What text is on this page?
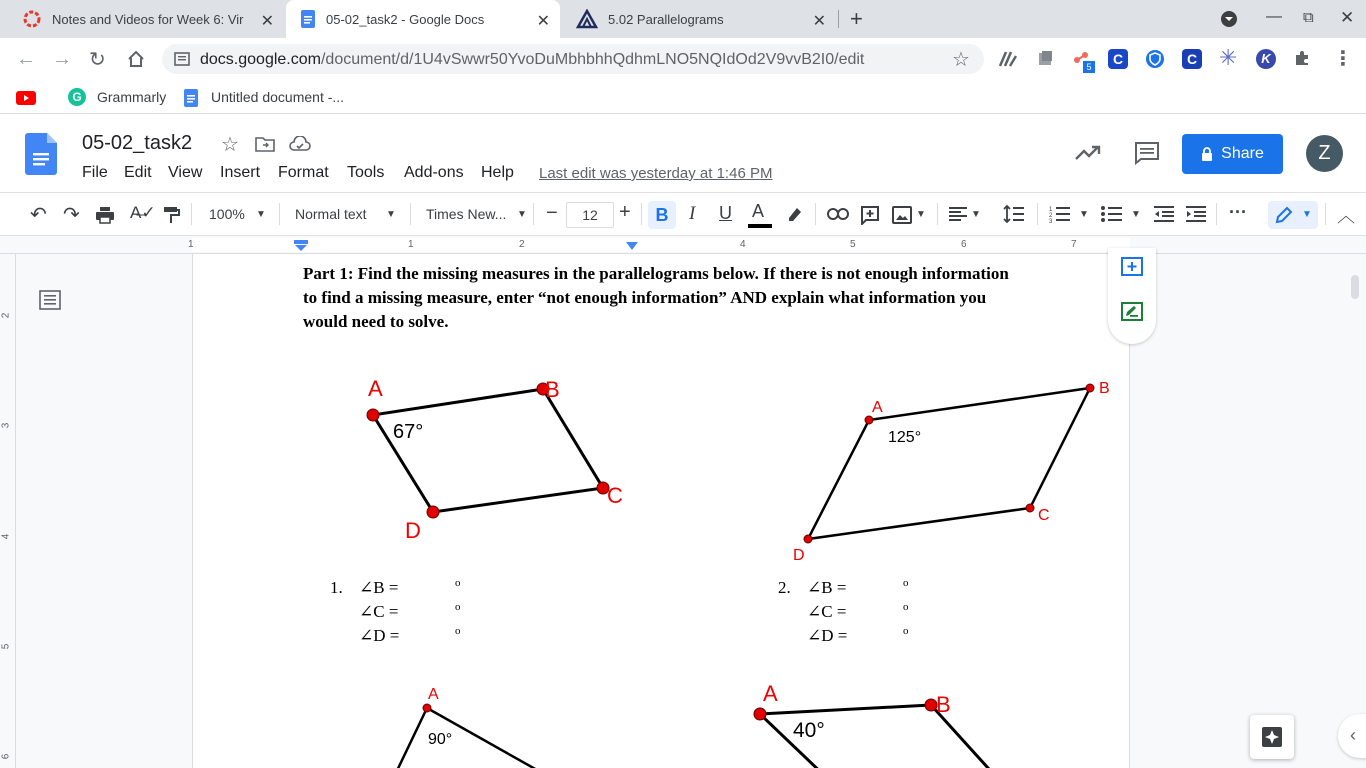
Notes and Videos for Week 6: Vir	✕	05-02_task2 - Google Docs	✕	5.02 Parallelograms	✕ +	— ⧉ ✕
← → ↻	docs.google.com/document/d/1U4vSwwr50YvoDuMbhbhhQdhmLNO5NQIdOd2V9vvB2I0/edit	☆	5	C	C ✳	K	⋮
G	Grammarly	Untitled document -...
05-02_task2 ☆
File Edit View Insert Format Tools Add-ons Help Last edit was yesterday at 1:46 PM
Share	Z
↶ ↷	A̶✓	100% ▼ Normal text ▼ Times New... ▼ −	12	+	B	I U A	▼	▼	1
2
3
▼	▼	···	▼ ︿
1	1	2	4	5	6	7
2
3
4
5
6
Part 1: Find the missing measures in the parallelograms below. If there is not enough information to find a missing measure, enter “not enough information” AND explain what information you would need to solve.
A	B
C
D
67°
A
B
C
D
125°
1. ∠B =	o
∠C =	o
∠D =	o
2. ∠B =	o
∠C =	o
∠D =	o
A
90°
A	B
40°	‹
